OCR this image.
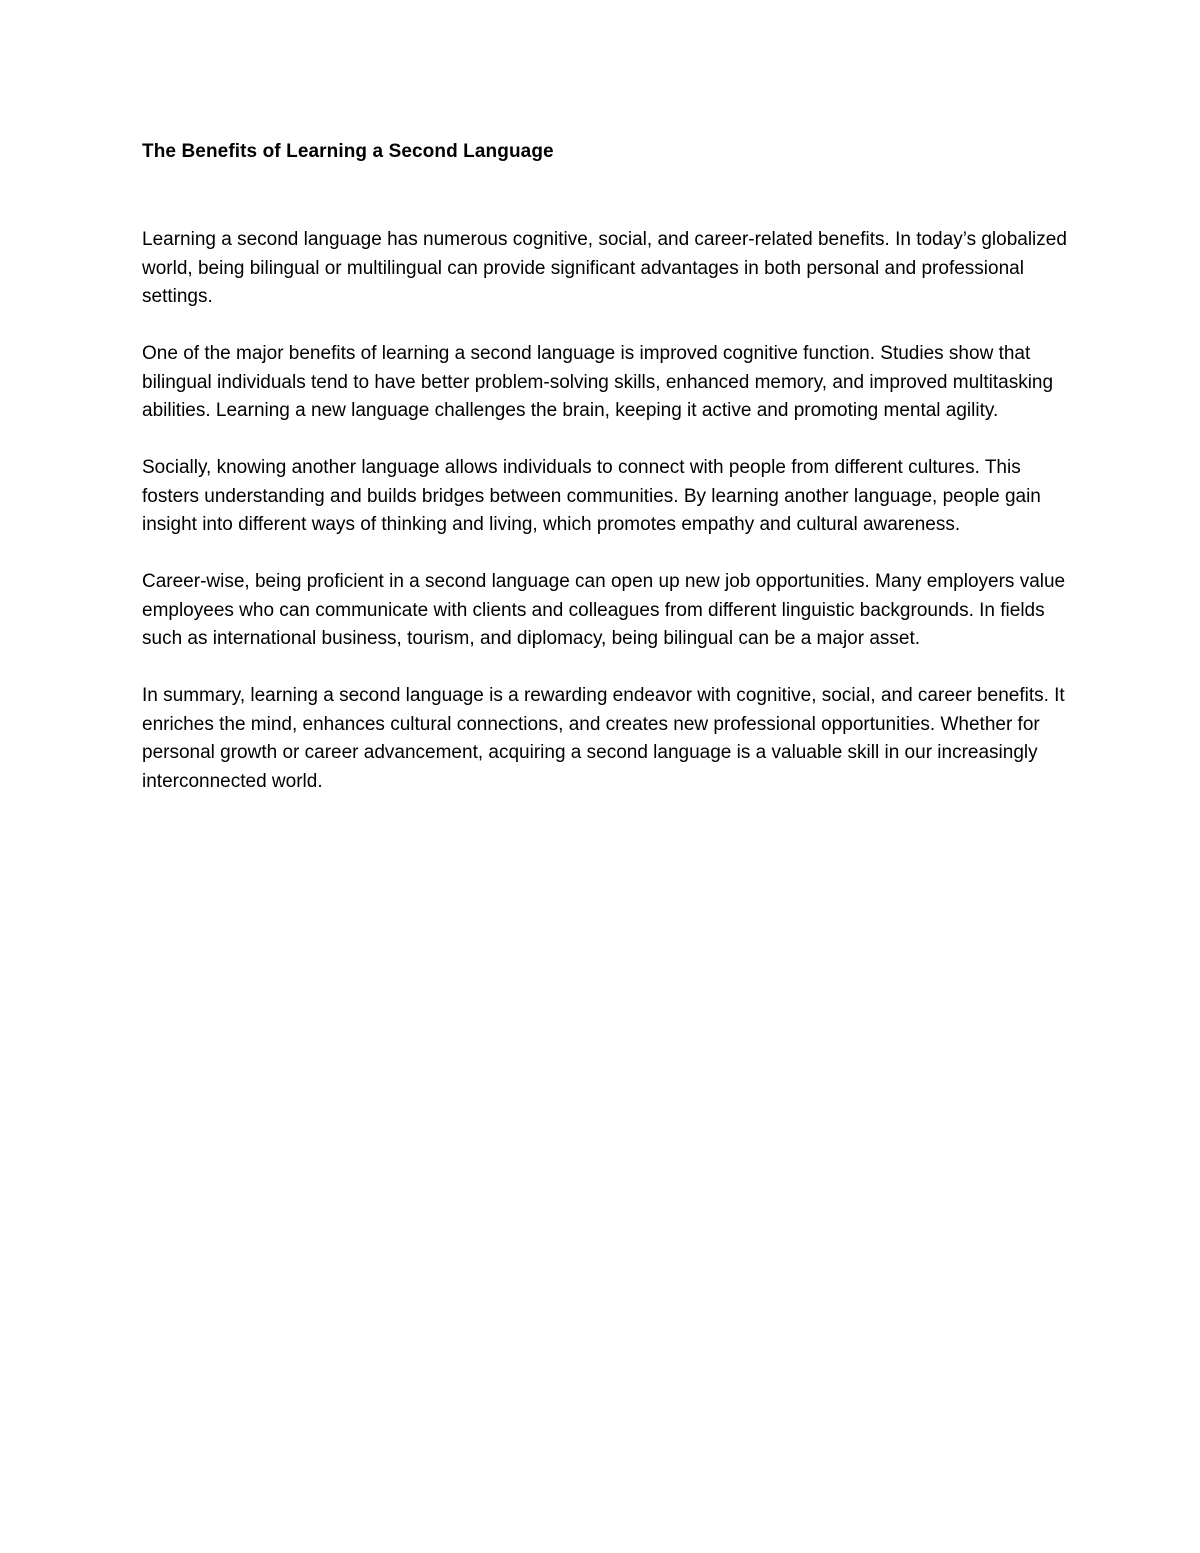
The Benefits of Learning a Second Language

Learning a second language has numerous cognitive, social, and career-related benefits. In today’s globalized world, being bilingual or multilingual can provide significant advantages in both personal and professional settings.

One of the major benefits of learning a second language is improved cognitive function. Studies show that bilingual individuals tend to have better problem-solving skills, enhanced memory, and improved multitasking abilities. Learning a new language challenges the brain, keeping it active and promoting mental agility.

Socially, knowing another language allows individuals to connect with people from different cultures. This fosters understanding and builds bridges between communities. By learning another language, people gain insight into different ways of thinking and living, which promotes empathy and cultural awareness.

Career-wise, being proficient in a second language can open up new job opportunities. Many employers value employees who can communicate with clients and colleagues from different linguistic backgrounds. In fields such as international business, tourism, and diplomacy, being bilingual can be a major asset.

In summary, learning a second language is a rewarding endeavor with cognitive, social, and career benefits. It enriches the mind, enhances cultural connections, and creates new professional opportunities. Whether for personal growth or career advancement, acquiring a second language is a valuable skill in our increasingly interconnected world.
